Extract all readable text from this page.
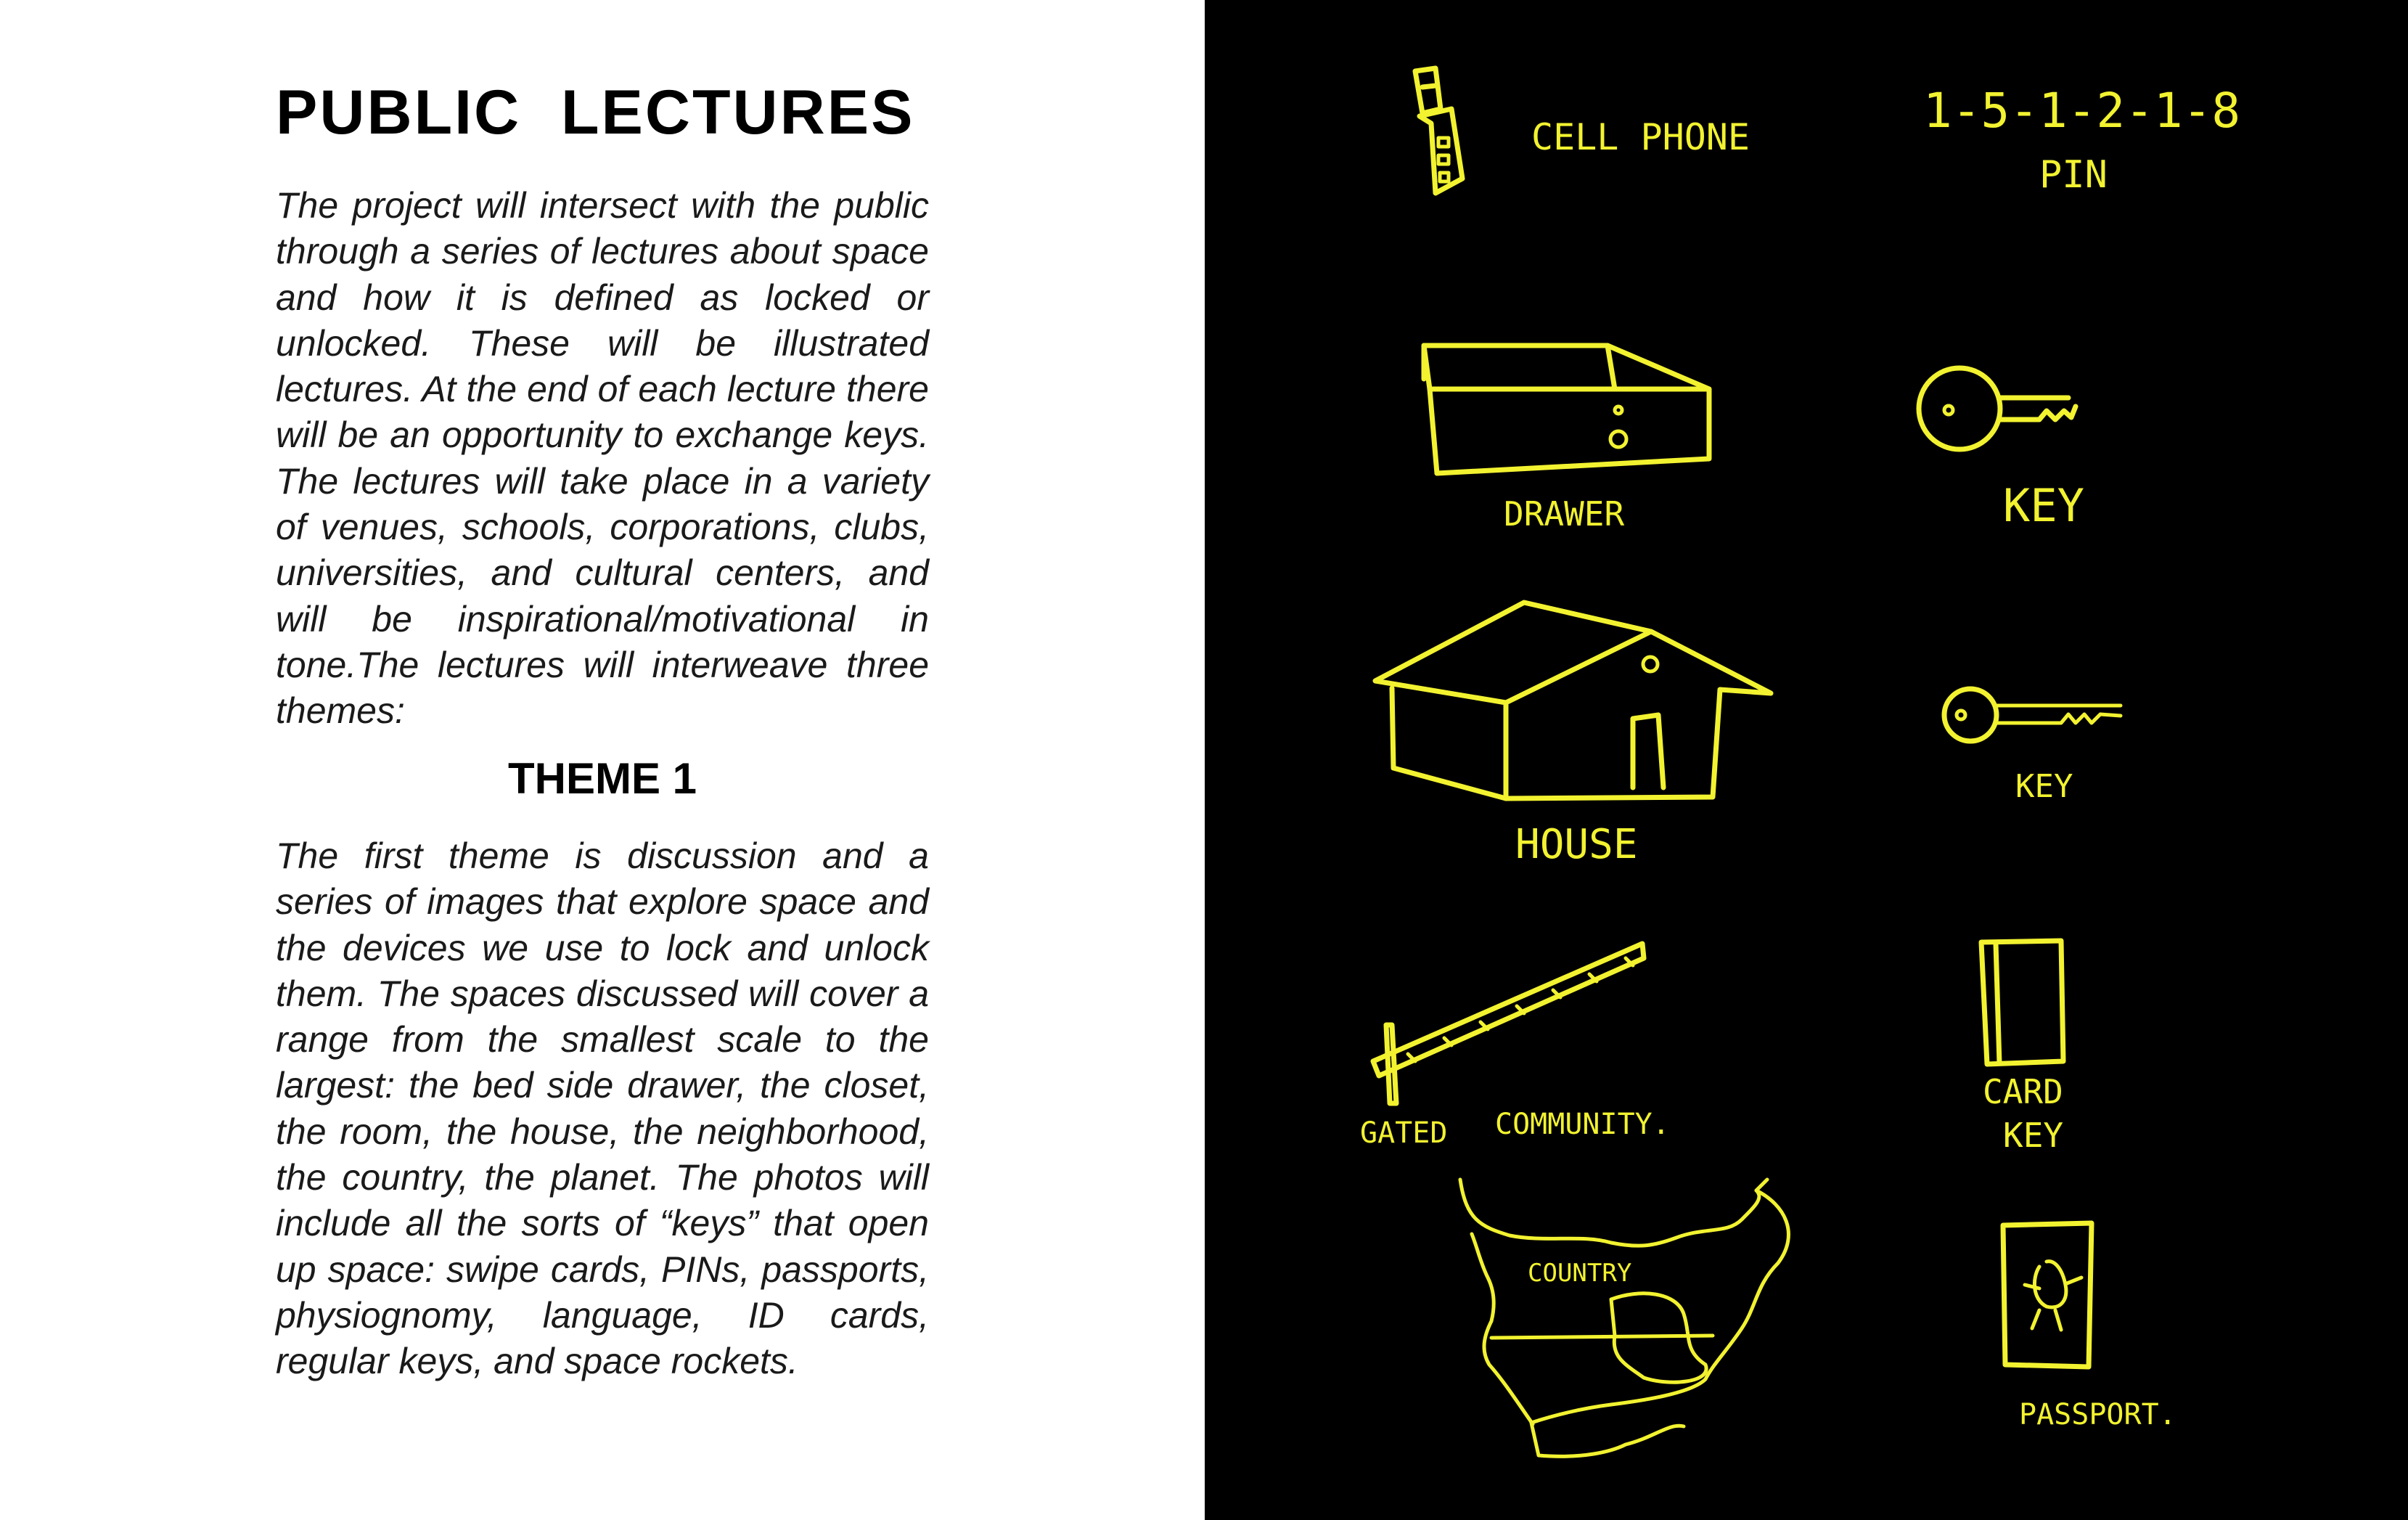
PUBLIC LECTURES

The project will intersect with the public through a series of lectures about space and how it is defined as locked or unlocked. These will be illustrated lectures. At the end of each lecture there will be an opportunity to exchange keys. The lectures will take place in a variety of venues, schools, corporations, clubs, universities, and cultural centers, and will be inspirational/motivational in tone.The lectures will interweave three themes:

THEME 1

The first theme is discussion and a series of images that explore space and the devices we use to lock and unlock them. The spaces discussed will cover a range from the smallest scale to the largest: the bed side drawer, the closet, the room, the house, the neighborhood, the country, the planet. The photos will include all the sorts of “keys” that open up space: swipe cards, PINs, passports, physiognomy, language, ID cards, regular keys, and space rockets.

CELL PHONE	1-5-1-2-1-8
PIN
DRAWER	KEY
HOUSE
KEY
GATED COMMUNITY.
CARD
KEY
COUNTRY
PASSPORT.
